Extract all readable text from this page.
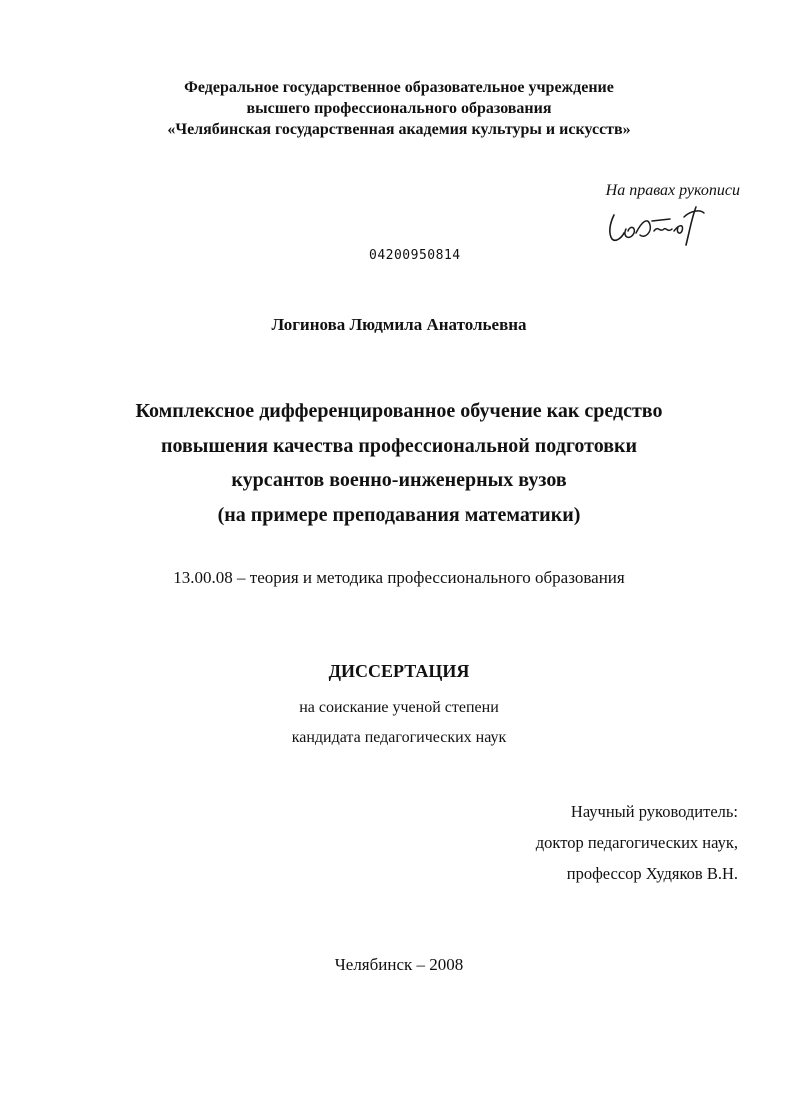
Федеральное государственное образовательное учреждение
высшего профессионального образования
«Челябинская государственная академия культуры и искусств»
На правах рукописи
04200950814
Логинова Людмила Анатольевна
Комплексное дифференцированное обучение как средство
повышения качества профессиональной подготовки
курсантов военно-инженерных вузов
(на примере преподавания математики)
13.00.08 – теория и методика профессионального образования
ДИССЕРТАЦИЯ
на соискание ученой степени
кандидата педагогических наук
Научный руководитель:
доктор педагогических наук,
профессор Худяков В.Н.
Челябинск – 2008
